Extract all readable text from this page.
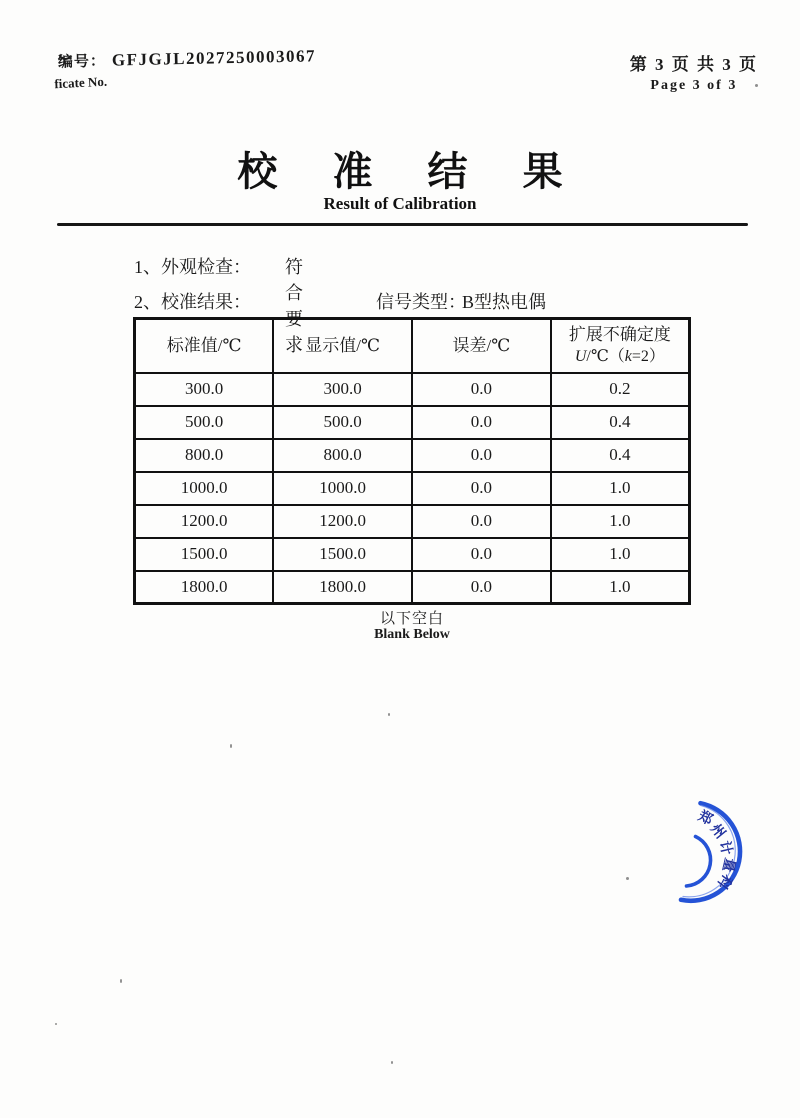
编号： GFJGJL2027250003067
ficate No.
第 3 页 共 3 页
Page 3 of 3
校 准 结 果
Result of Calibration
1、外观检查： 符合要求
2、校准结果：	信号类型：
B型热电偶
标准值/℃	显示值/℃	误差/℃	扩展不确定度
U/℃（k=2）
300.0	300.0	0.0	0.2
500.0	500.0	0.0	0.4
800.0	800.0	0.0	0.4
1000.0	1000.0	0.0	1.0
1200.0	1200.0	0.0	1.0
1500.0	1500.0	0.0	1.0
1800.0	1800.0	0.0	1.0
以下空白
Blank Below
郑
州
计
量
科
